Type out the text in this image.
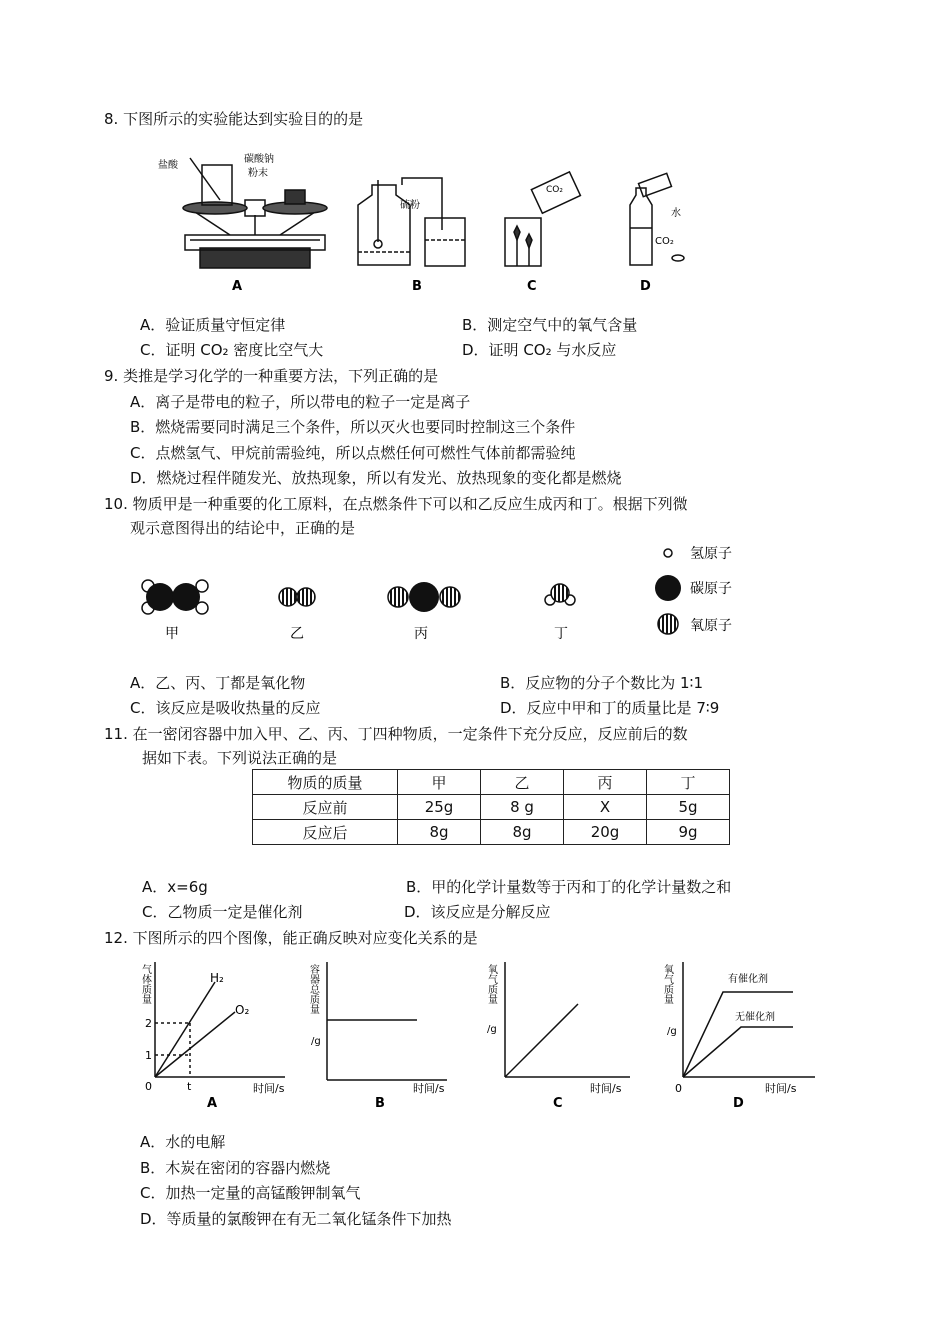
8. 下图所示的实验能达到实验目的的是
盐酸
碳酸钠
粉末
A
硫粉
B
CO₂
C
水
CO₂
D
A．验证质量守恒定律	B．测定空气中的氧气含量
C．证明 CO₂ 密度比空气大	D．证明 CO₂ 与水反应
9. 类推是学习化学的一种重要方法，下列正确的是
A．离子是带电的粒子，所以带电的粒子一定是离子
B．燃烧需要同时满足三个条件，所以灭火也要同时控制这三个条件
C．点燃氢气、甲烷前需验纯，所以点燃任何可燃性气体前都需验纯
D．燃烧过程伴随发光、放热现象，所以有发光、放热现象的变化都是燃烧
10. 物质甲是一种重要的化工原料，在点燃条件下可以和乙反应生成丙和丁。根据下列微
观示意图得出的结论中，正确的是
甲	乙	丙	丁
氢原子
碳原子
氧原子
A．乙、丙、丁都是氧化物	B．反应物的分子个数比为 1∶1
C．该反应是吸收热量的反应	D．反应中甲和丁的质量比是 7∶9
11. 在一密闭容器中加入甲、乙、丙、丁四种物质，一定条件下充分反应，反应前后的数
据如下表。下列说法正确的是
物质的质量	甲	乙	丙	丁
反应前	25g	8 g	X	5g
反应后	8g	8g	20g	9g
A．x=6g	B．甲的化学计量数等于丙和丁的化学计量数之和
C．乙物质一定是催化剂	D．该反应是分解反应
12. 下图所示的四个图像，能正确反映对应变化关系的是
气体质量	H₂
O₂
2
1
0	t	时间/s
A
容器总质量
/g
时间/s
B
氧气质量
/g
时间/s
C
氧气质量
/g
有催化剂
无催化剂
0	时间/s
D
A．水的电解
B．木炭在密闭的容器内燃烧
C．加热一定量的高锰酸钾制氧气
D．等质量的氯酸钾在有无二氧化锰条件下加热
